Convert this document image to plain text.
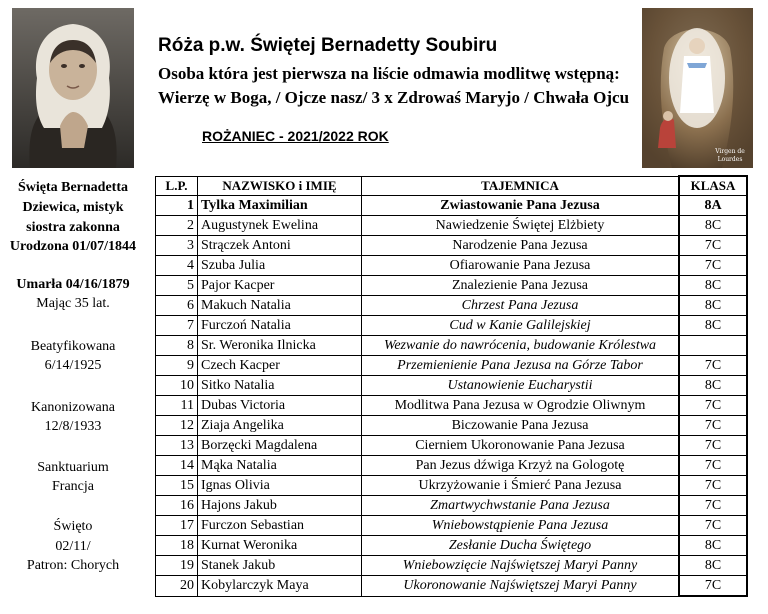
Virgen de
Lourdes
Róża p.w. Świętej Bernadetty Soubiru
Osoba która jest pierwsza na liście odmawia modlitwę wstępną:
Wierzę w Boga, / Ojcze nasz/ 3 x Zdrowaś Maryjo / Chwała Ojcu
ROŻANIEC - 2021/2022 ROK
Święta Bernadetta
Dziewica, mistyk
siostra zakonna
Urodzona 01/07/1844
Umarła 04/16/1879
Mając 35 lat.
Beatyfikowana
6/14/1925
Kanonizowana
12/8/1933
Sanktuarium
Francja
Święto
02/11/
Patron: Chorych
L.P.	NAZWISKO i IMIĘ	TAJEMNICA	KLASA
1	Tylka Maximilian	Zwiastowanie Pana Jezusa	8A
2	Augustynek Ewelina	Nawiedzenie Świętej Elżbiety	8C
3	Strączek Antoni	Narodzenie Pana Jezusa	7C
4	Szuba Julia	Ofiarowanie Pana Jezusa	7C
5	Pajor Kacper	Znalezienie Pana Jezusa	8C
6	Makuch Natalia	Chrzest Pana Jezusa	8C
7	Furczoń Natalia	Cud w Kanie Galilejskiej	8C
8	Sr. Weronika Ilnicka	Wezwanie do nawrócenia, budowanie Królestwa	
9	Czech Kacper	Przemienienie Pana Jezusa na Górze Tabor	7C
10	Sitko Natalia	Ustanowienie Eucharystii	8C
11	Dubas Victoria	Modlitwa Pana Jezusa w Ogrodzie Oliwnym	7C
12	Ziaja Angelika	Biczowanie Pana Jezusa	7C
13	Borzęcki Magdalena	Cierniem Ukoronowanie Pana Jezusa	7C
14	Mąka Natalia	Pan Jezus dźwiga Krzyż na Gologotę	7C
15	Ignas Olivia	Ukrzyżowanie i Śmierć Pana Jezusa	7C
16	Hajons Jakub	Zmartwychwstanie Pana Jezusa	7C
17	Furczon Sebastian	Wniebowstąpienie Pana Jezusa	7C
18	Kurnat Weronika	Zesłanie Ducha Świętego	8C
19	Stanek Jakub	Wniebowzięcie Najświętszej Maryi Panny	8C
20	Kobylarczyk Maya	Ukoronowanie Najświętszej Maryi Panny	7C
